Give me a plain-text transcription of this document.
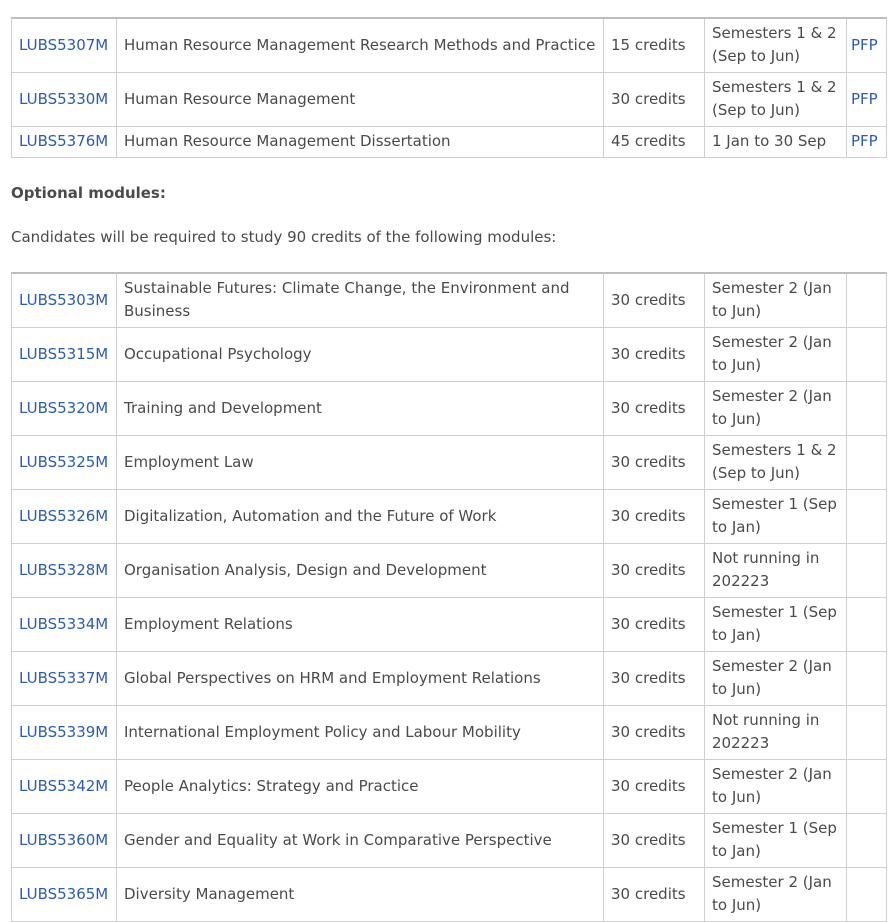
LUBS5307M	Human Resource Management Research Methods and Practice	15 credits	Semesters 1 & 2 (Sep to Jun)	PFP
LUBS5330M	Human Resource Management	30 credits	Semesters 1 & 2 (Sep to Jun)	PFP
LUBS5376M	Human Resource Management Dissertation	45 credits	1 Jan to 30 Sep	PFP
Optional modules:

Candidates will be required to study 90 credits of the following modules:

LUBS5303M	Sustainable Futures: Climate Change, the Environment and Business	30 credits	Semester 2 (Jan to Jun)	
LUBS5315M	Occupational Psychology	30 credits	Semester 2 (Jan to Jun)	
LUBS5320M	Training and Development	30 credits	Semester 2 (Jan to Jun)	
LUBS5325M	Employment Law	30 credits	Semesters 1 & 2 (Sep to Jun)	
LUBS5326M	Digitalization, Automation and the Future of Work	30 credits	Semester 1 (Sep to Jan)	
LUBS5328M	Organisation Analysis, Design and Development	30 credits	Not running in 202223	
LUBS5334M	Employment Relations	30 credits	Semester 1 (Sep to Jan)	
LUBS5337M	Global Perspectives on HRM and Employment Relations	30 credits	Semester 2 (Jan to Jun)	
LUBS5339M	International Employment Policy and Labour Mobility	30 credits	Not running in 202223	
LUBS5342M	People Analytics: Strategy and Practice	30 credits	Semester 2 (Jan to Jun)	
LUBS5360M	Gender and Equality at Work in Comparative Perspective	30 credits	Semester 1 (Sep to Jan)	
LUBS5365M	Diversity Management	30 credits	Semester 2 (Jan to Jun)	
